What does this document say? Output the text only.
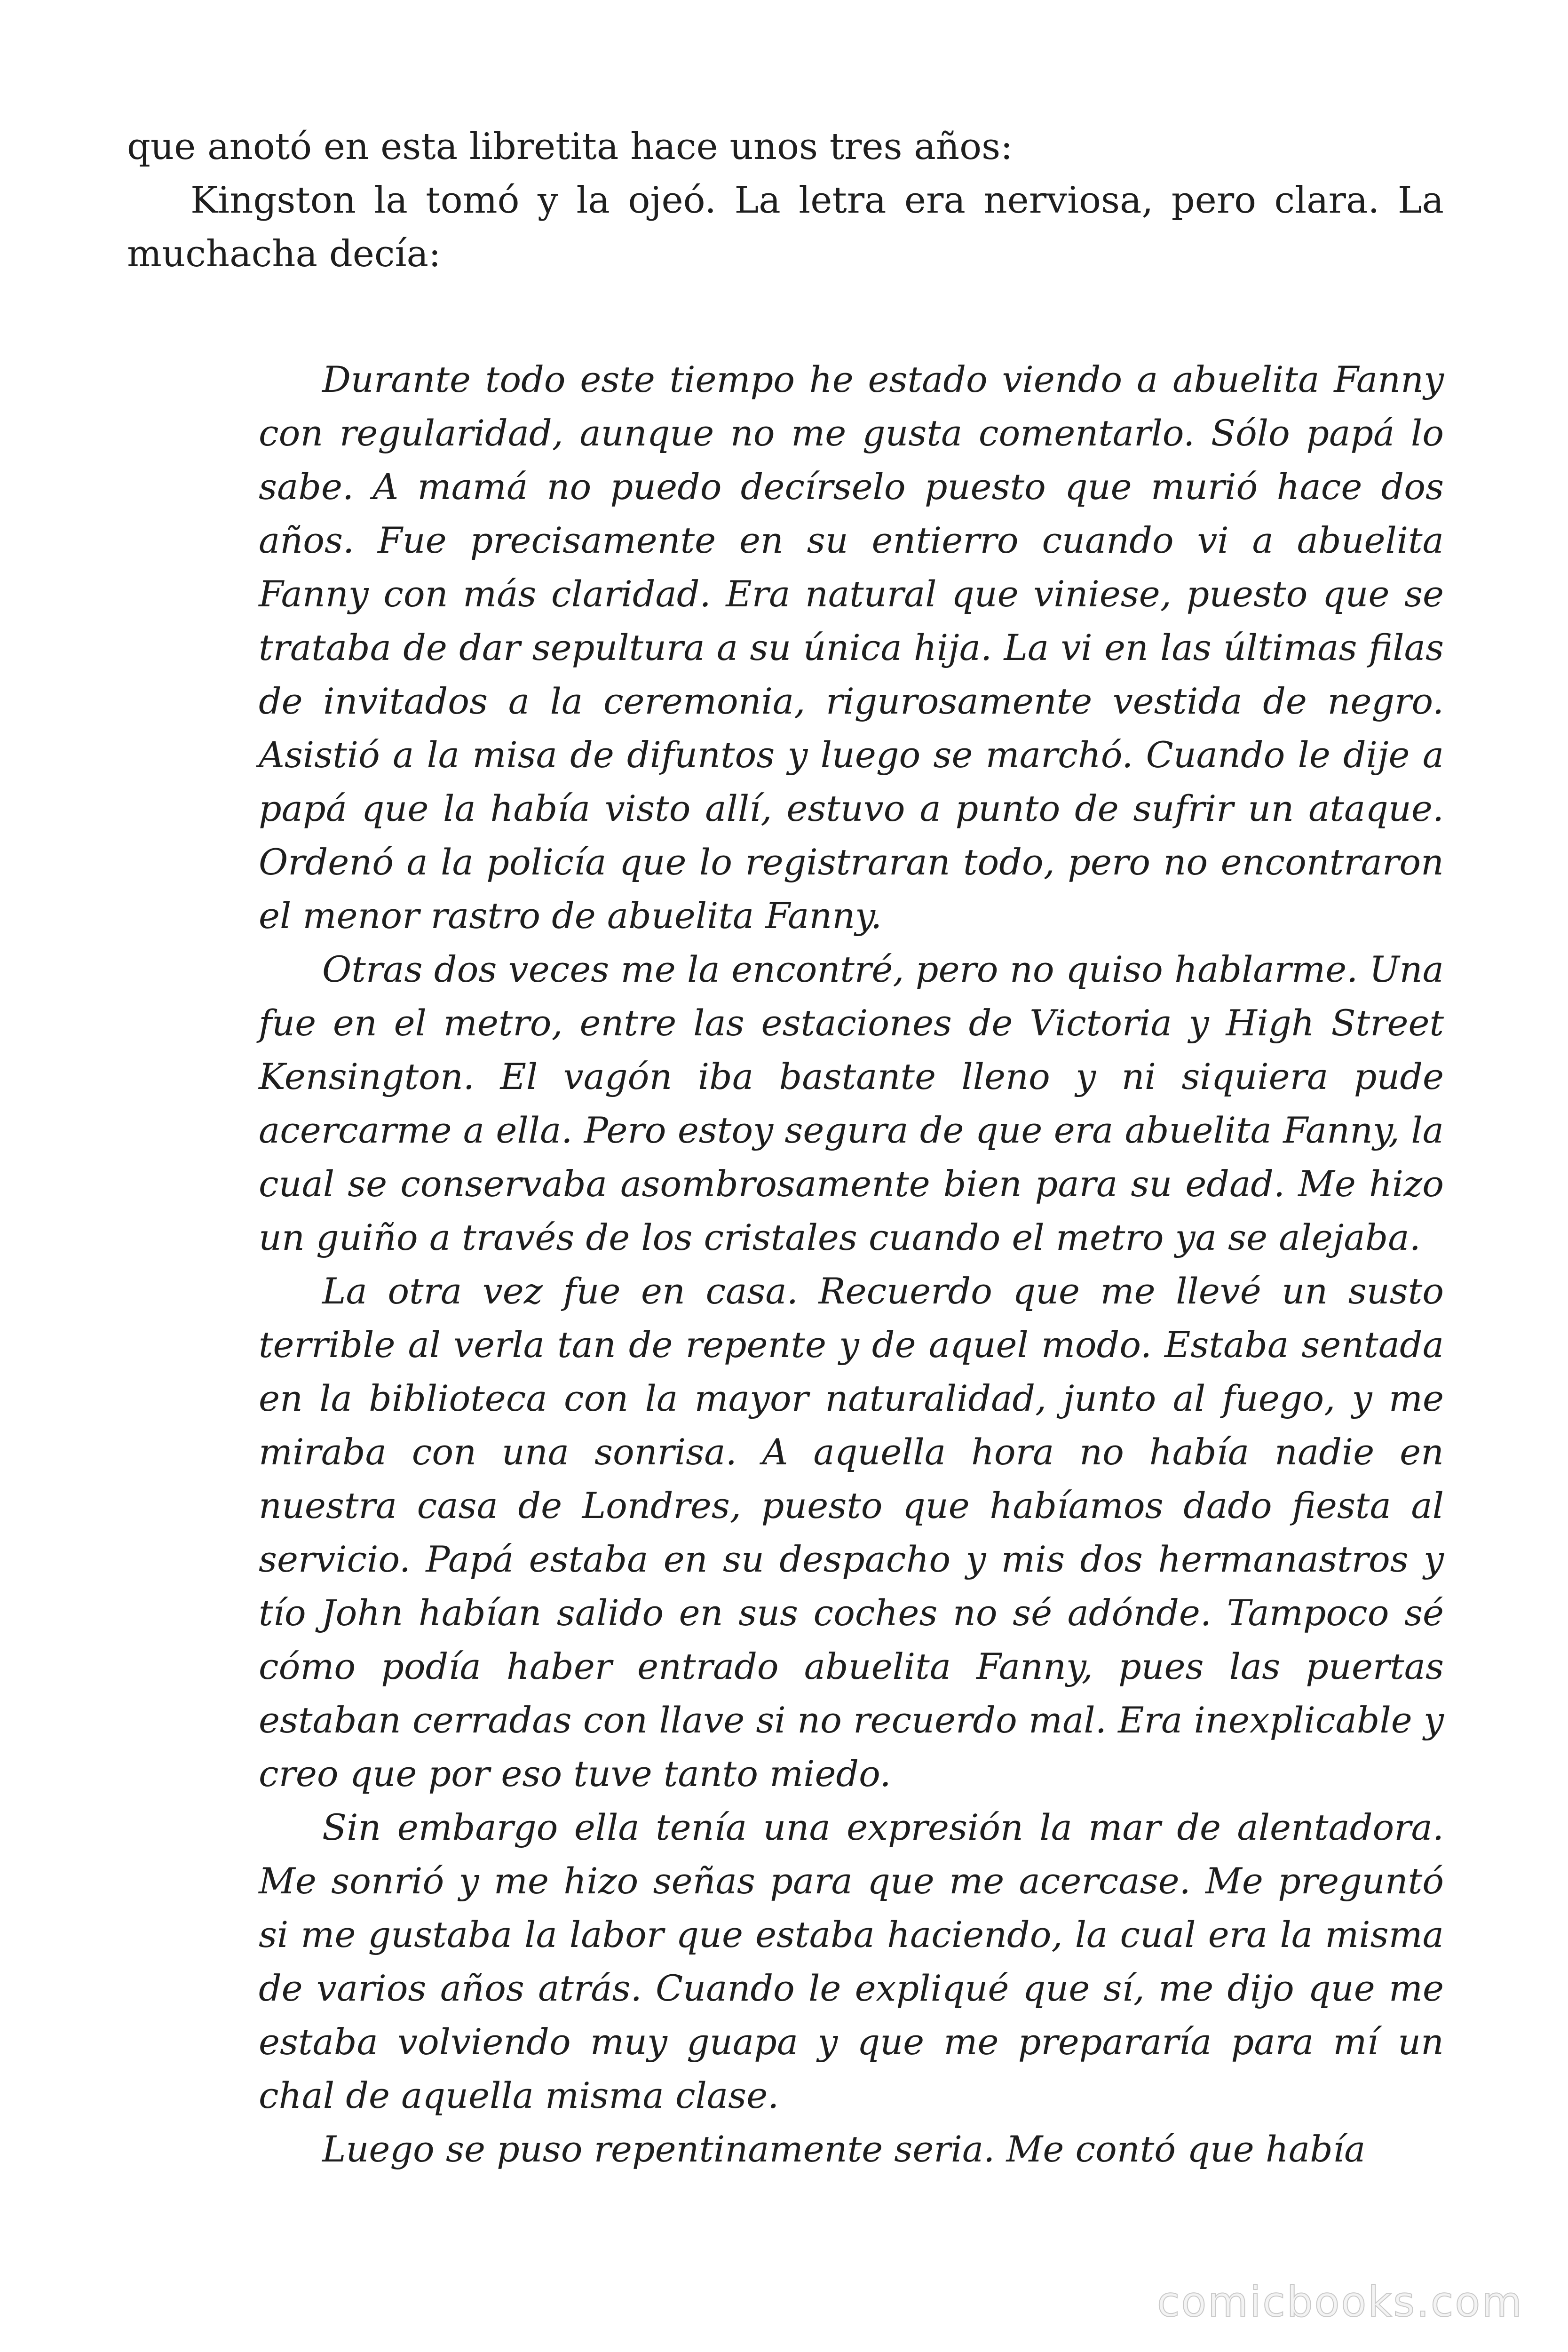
que anotó en esta libretita hace unos tres años:

Kingston la tomó y la ojeó. La letra era nerviosa, pero clara. La muchacha decía:

Durante todo este tiempo he estado viendo a abuelita Fanny con regularidad, aunque no me gusta comentarlo. Sólo papá lo sabe. A mamá no puedo decírselo puesto que murió hace dos años. Fue precisamente en su entierro cuando vi a abuelita Fanny con más claridad. Era natural que viniese, puesto que se trataba de dar sepultura a su única hija. La vi en las últimas filas de invitados a la ceremonia, rigurosamente vestida de negro. Asistió a la misa de difuntos y luego se marchó. Cuando le dije a papá que la había visto allí, estuvo a punto de sufrir un ataque. Ordenó a la policía que lo registraran todo, pero no encontraron el menor rastro de abuelita Fanny.

Otras dos veces me la encontré, pero no quiso hablarme. Una fue en el metro, entre las estaciones de Victoria y High Street Kensington. El vagón iba bastante lleno y ni siquiera pude acercarme a ella. Pero estoy segura de que era abuelita Fanny, la cual se conservaba asombrosamente bien para su edad. Me hizo un guiño a través de los cristales cuando el metro ya se alejaba.

La otra vez fue en casa. Recuerdo que me llevé un susto terrible al verla tan de repente y de aquel modo. Estaba sentada en la biblioteca con la mayor naturalidad, junto al fuego, y me miraba con una sonrisa. A aquella hora no había nadie en nuestra casa de Londres, puesto que habíamos dado fiesta al servicio. Papá estaba en su despacho y mis dos hermanastros y tío John habían salido en sus coches no sé adónde. Tampoco sé cómo podía haber entrado abuelita Fanny, pues las puertas estaban cerradas con llave si no recuerdo mal. Era inexplicable y creo que por eso tuve tanto miedo.

Sin embargo ella tenía una expresión la mar de alentadora. Me sonrió y me hizo señas para que me acercase. Me preguntó si me gustaba la labor que estaba haciendo, la cual era la misma de varios años atrás. Cuando le expliqué que sí, me dijo que me estaba volviendo muy guapa y que me prepararía para mí un chal de aquella misma clase.

Luego se puso repentinamente seria. Me contó que había

comicbooks.com
